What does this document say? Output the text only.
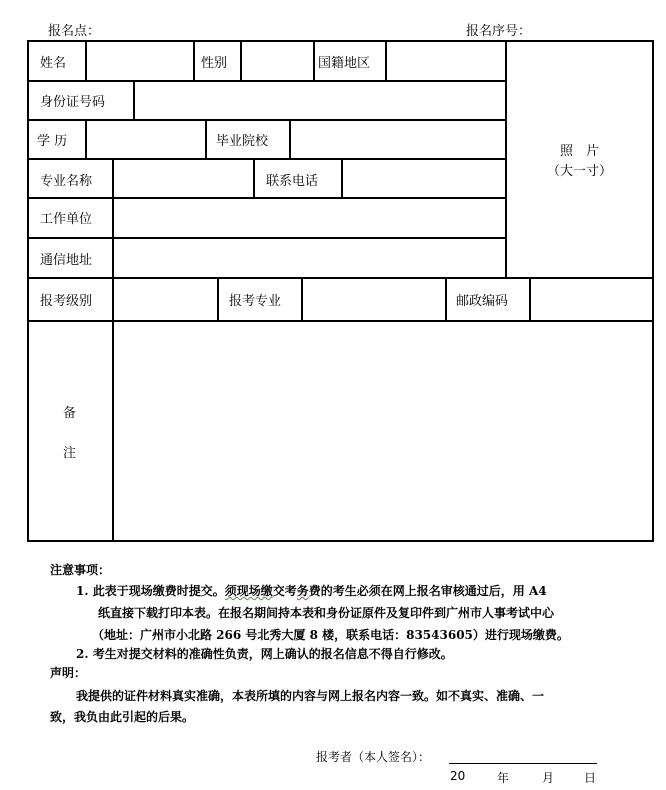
报名点：	报名序号：
姓名	性别	国籍地区
身份证号码
学 历	毕业院校
专业名称	联系电话
工作单位
通信地址
照　片
（大一寸）
报考级别	报考专业	邮政编码
备
注
注意事项：
1. 此表于现场缴费时提交。须现场缴交考务费的考生必须在网上报名审核通过后，用 A4
纸直接下载打印本表。在报名期间持本表和身份证原件及复印件到广州市人事考试中心
（地址：广州市小北路 266 号北秀大厦 8 楼，联系电话：83543605）进行现场缴费。
2. 考生对提交材料的准确性负责，网上确认的报名信息不得自行修改。
声明：
我提供的证件材料真实准确，本表所填的内容与网上报名内容一致。如不真实、准确、一
致，我负由此引起的后果。
报考者（本人签名）：
20	年	月 日
